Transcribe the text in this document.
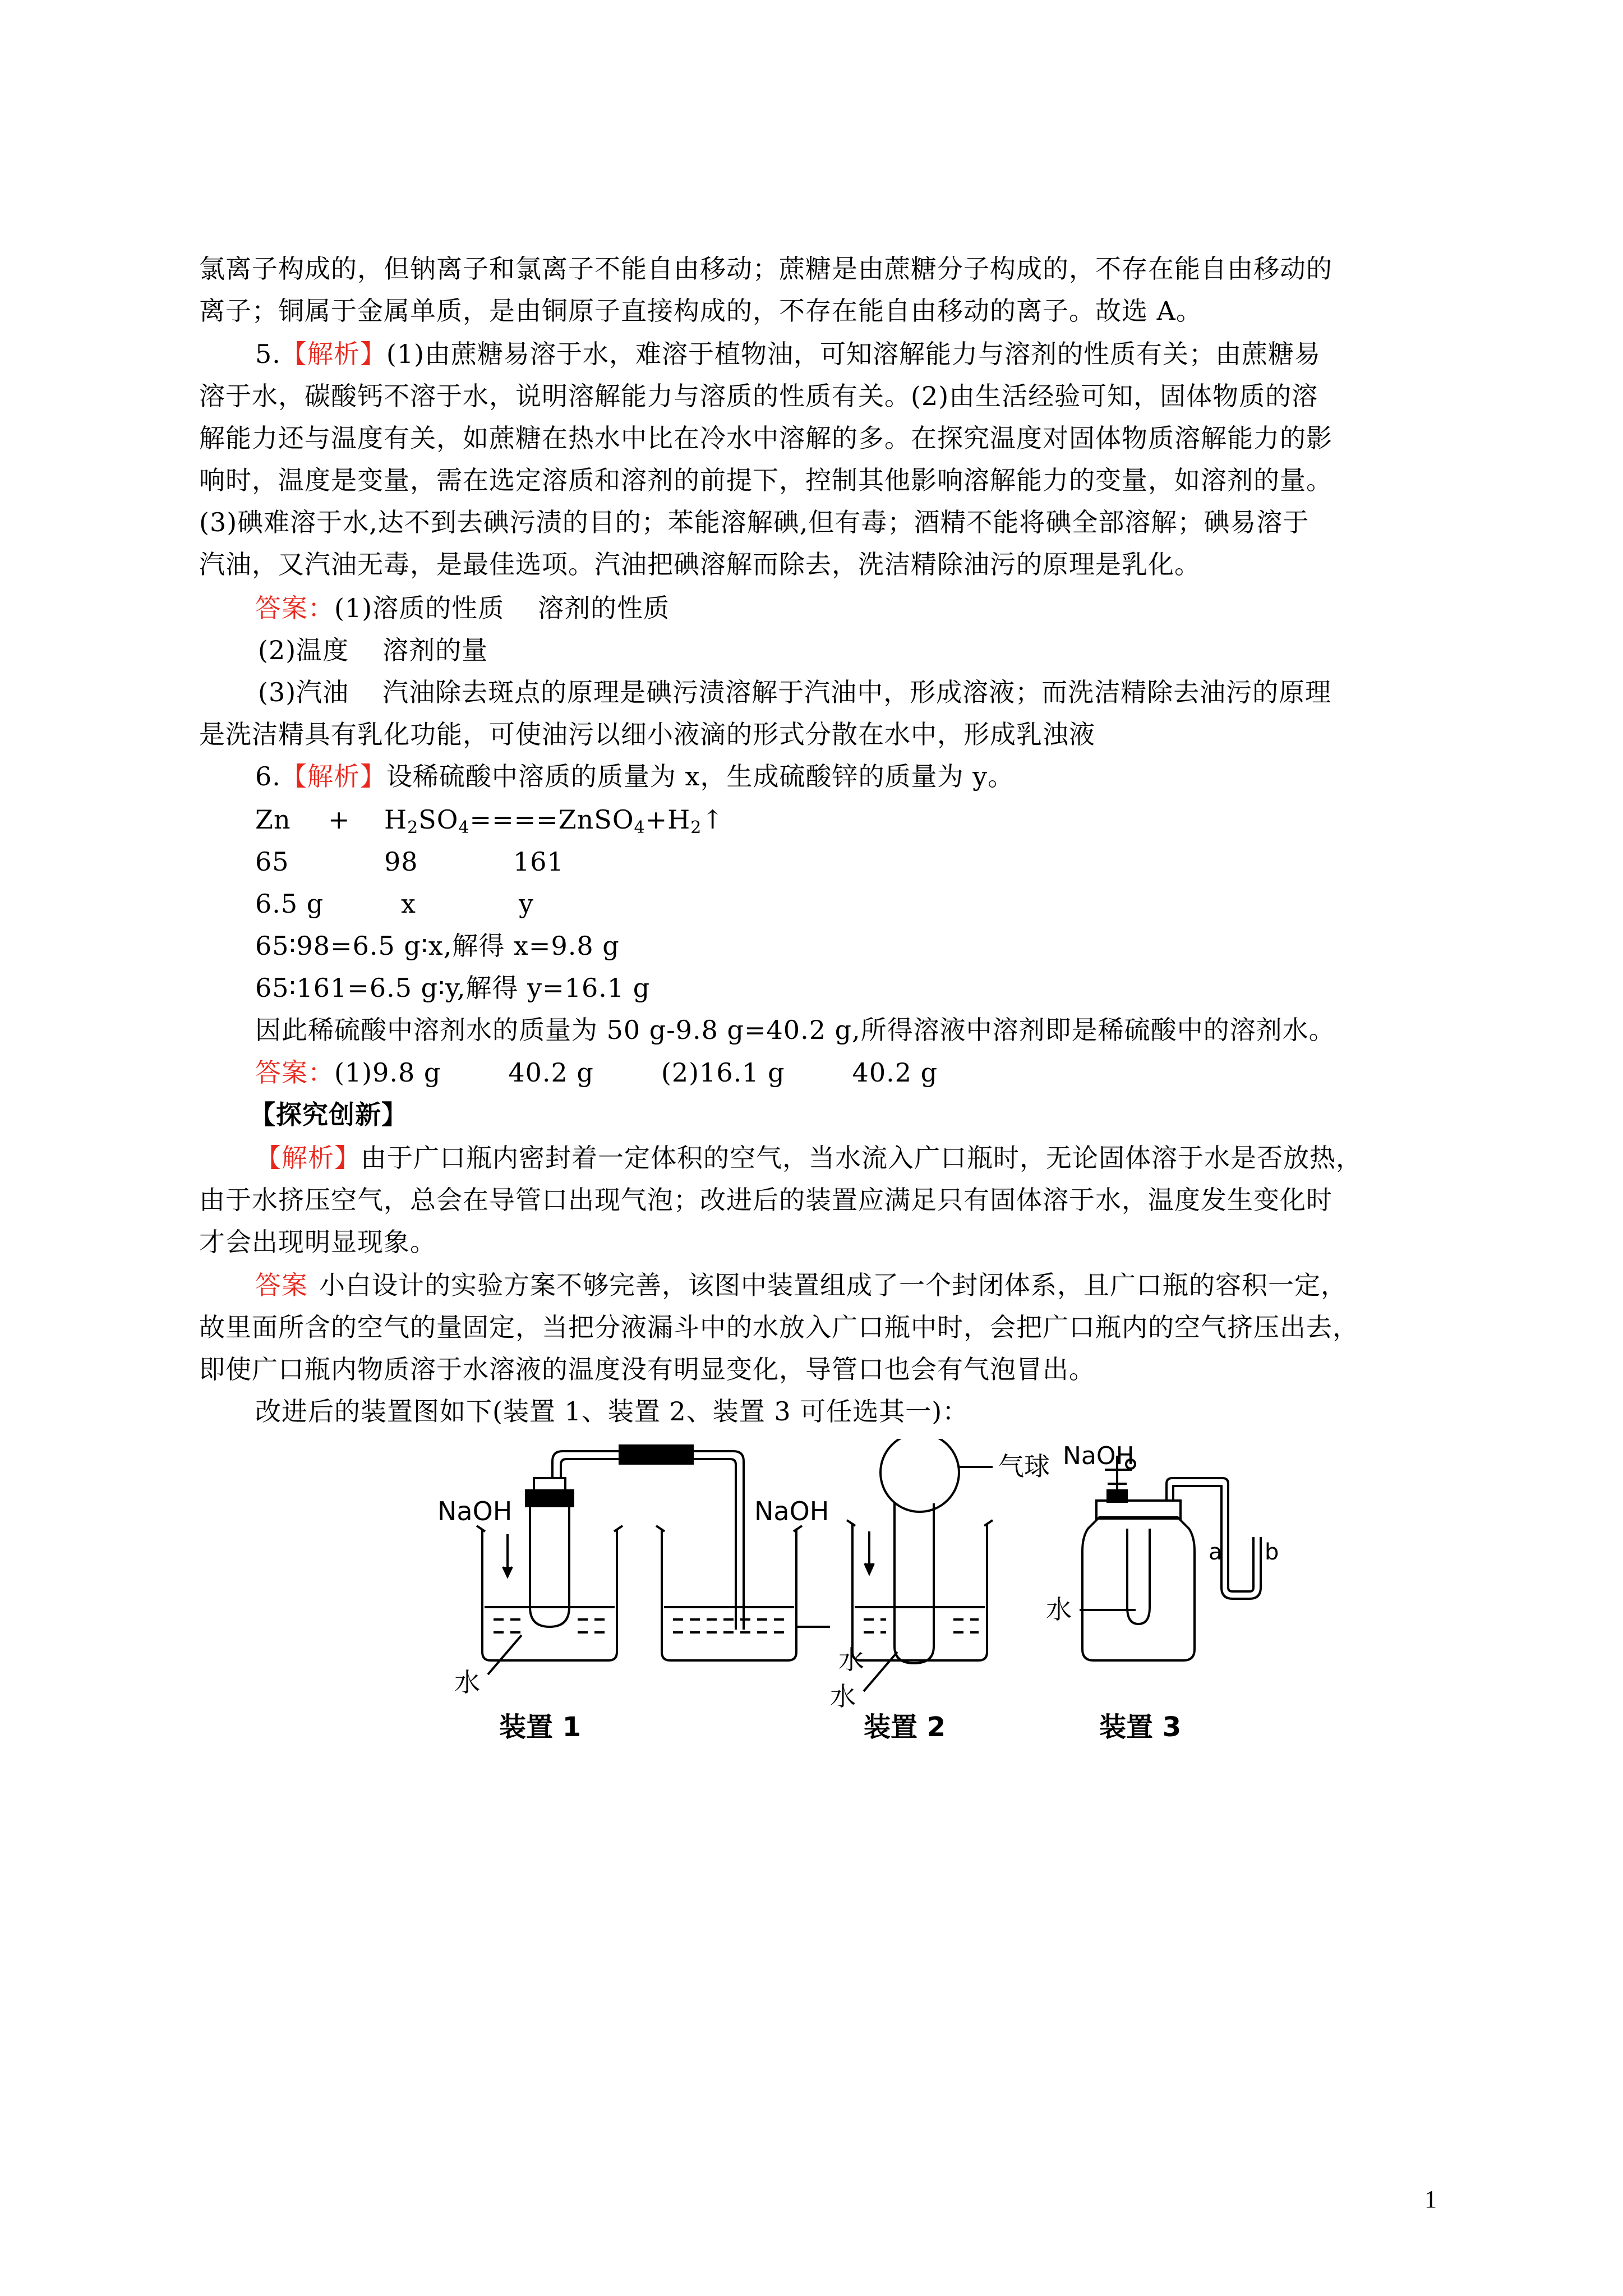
氯离子构成的，但钠离子和氯离子不能自由移动；蔗糖是由蔗糖分子构成的，不存在能自由移动的
离子；铜属于金属单质，是由铜原子直接构成的，不存在能自由移动的离子。故选 A。
5.【解析】(1)由蔗糖易溶于水，难溶于植物油，可知溶解能力与溶剂的性质有关；由蔗糖易
溶于水，碳酸钙不溶于水，说明溶解能力与溶质的性质有关。(2)由生活经验可知，固体物质的溶
解能力还与温度有关，如蔗糖在热水中比在冷水中溶解的多。在探究温度对固体物质溶解能力的影
响时，温度是变量，需在选定溶质和溶剂的前提下，控制其他影响溶解能力的变量，如溶剂的量。
(3)碘难溶于水,达不到去碘污渍的目的；苯能溶解碘,但有毒；酒精不能将碘全部溶解；碘易溶于
汽油，又汽油无毒，是最佳选项。汽油把碘溶解而除去，洗洁精除油污的原理是乳化。
答案：(1)溶质的性质 溶剂的性质
(2)温度 溶剂的量
(3)汽油 汽油除去斑点的原理是碘污渍溶解于汽油中，形成溶液；而洗洁精除去油污的原理
是洗洁精具有乳化功能，可使油污以细小液滴的形式分散在水中，形成乳浊液
6.【解析】设稀硫酸中溶质的质量为 x，生成硫酸锌的质量为 y。
$Zn + H_2SO_4====ZnSO_4+H_2↑$
65	98	161
6.5 g	x	y
65∶98=6.5 g∶x,解得 x=9.8 g
65∶161=6.5 g∶y,解得 y=16.1 g
因此稀硫酸中溶剂水的质量为 50 g-9.8 g=40.2 g,所得溶液中溶剂即是稀硫酸中的溶剂水。
答案：(1)9.8 g	40.2 g	(2)16.1 g	40.2 g
【探究创新】
【解析】由于广口瓶内密封着一定体积的空气，当水流入广口瓶时，无论固体溶于水是否放热，
由于水挤压空气，总会在导管口出现气泡；改进后的装置应满足只有固体溶于水，温度发生变化时
才会出现明显现象。
答案 小白设计的实验方案不够完善，该图中装置组成了一个封闭体系，且广口瓶的容积一定，
故里面所含的空气的量固定，当把分液漏斗中的水放入广口瓶中时，会把广口瓶内的空气挤压出去，
即使广口瓶内物质溶于水溶液的温度没有明显变化，导管口也会有气泡冒出。
改进后的装置图如下(装置 1、装置 2、装置 3 可任选其一)：
NaOH
水
水
装置 1
NaOH
气球
水
装置 2
NaOH
a b
水
装置 3
1
